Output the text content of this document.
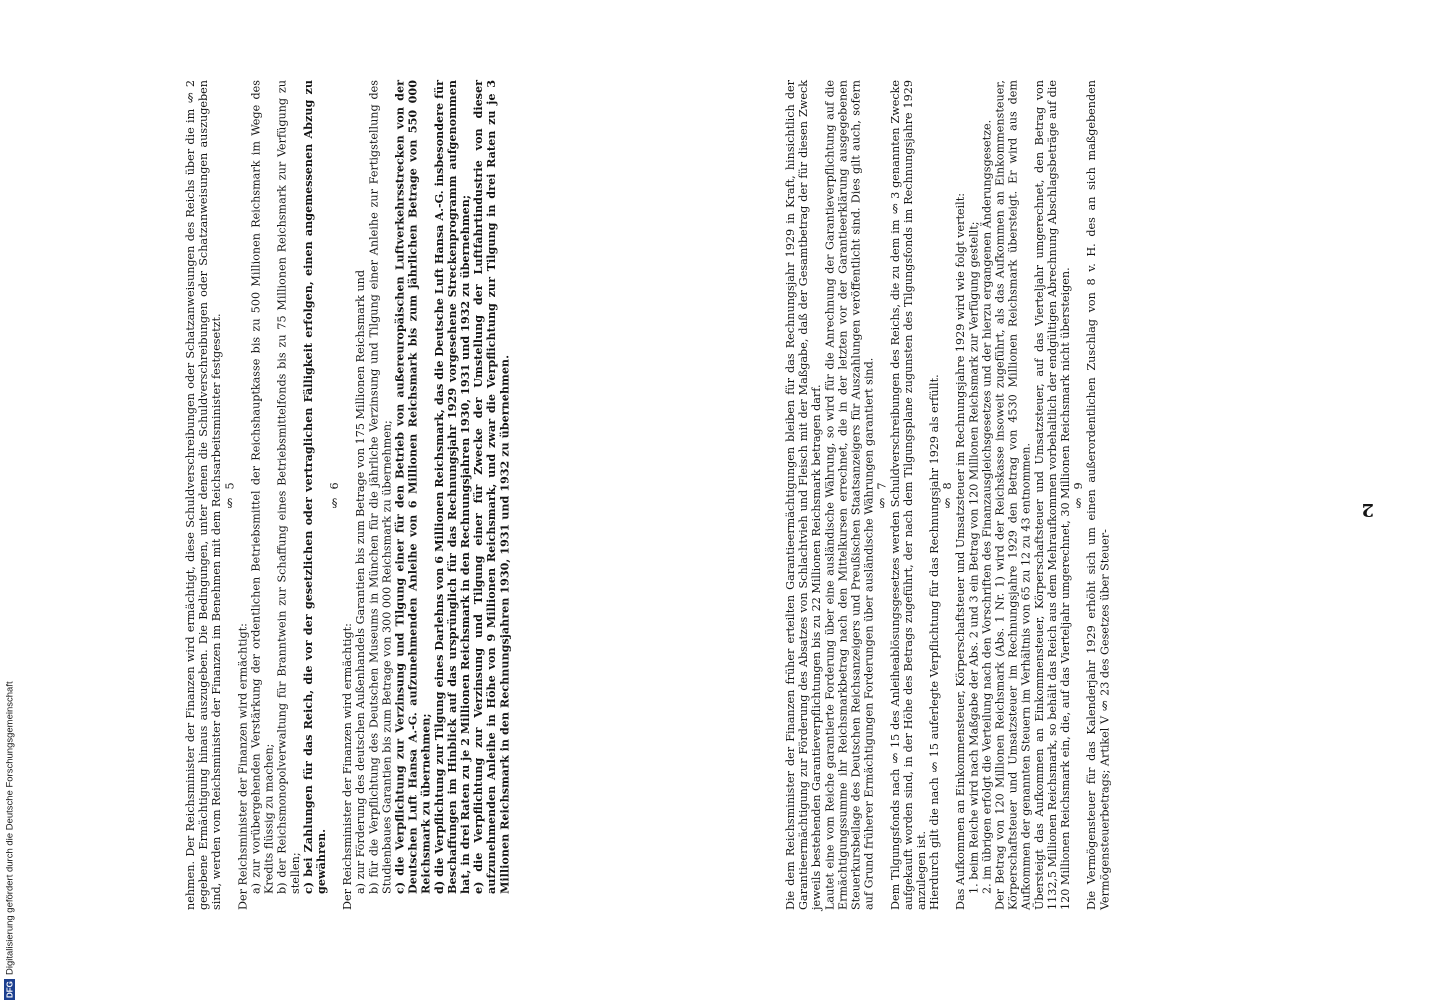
DFG
Digitalisierung gefördert durch die Deutsche Forschungsgemeinschaft
2

Die dem Reichsminister der Finanzen früher erteilten Garantieermächtigungen bleiben für das Rechnungsjahr 1929 in Kraft, hinsichtlich der Garantieermächtigung zur Förderung des Absatzes von Schlachtvieh und Fleisch mit der Maßgabe, daß der Gesamtbetrag der für diesen Zweck jeweils bestehenden Garantieverpflichtungen bis zu 22 Millionen Reichsmark betragen darf. Lautet eine vom Reiche garantierte Forderung über eine ausländische Währung, so wird für die Anrechnung der Garantieverpflichtung auf die Ermächtigungssumme ihr Reichsmarkbetrag nach den Mittelkursen errechnet, die in der letzten vor der Garantieerklärung ausgegebenen Steuerkursbeilage des Deutschen Reichsanzeigers und Preußischen Staatsanzeigers für Auszahlungen veröffentlicht sind. Dies gilt auch, sofern auf Grund früherer Ermächtigungen Forderungen über ausländische Währungen garantiert sind. § 7 Dem Tilgungsfonds nach § 15 des Anleiheablösungsgesetzes werden Schuldverschreibungen des Reichs, die zu dem im § 3 genannten Zwecke aufgekauft worden sind, in der Höhe des Betrags zugeführt, der nach dem Tilgungsplane zugunsten des Tilgungsfonds im Rechnungsjahre 1929 anzulegen ist. Hierdurch gilt die nach § 15 auferlegte Verpflichtung für das Rechnungsjahr 1929 als erfüllt. § 8 Das Aufkommen an Einkommensteuer, Körperschaftsteuer und Umsatzsteuer im Rechnungsjahre 1929 wird wie folgt verteilt: 1. beim Reiche wird nach Maßgabe der Abs. 2 und 3 ein Betrag von 120 Millionen Reichsmark zur Verfügung gestellt; 2. im übrigen erfolgt die Verteilung nach den Vorschriften des Finanzausgleichsgesetzes und der hierzu ergangenen Änderungsgesetze. Der Betrag von 120 Millionen Reichsmark (Abs. 1 Nr. 1) wird der Reichskasse insoweit zugeführt, als das Aufkommen an Einkommensteuer, Körperschaftsteuer und Umsatzsteuer im Rechnungsjahre 1929 den Betrag von 4530 Millionen Reichsmark übersteigt. Er wird aus dem Aufkommen der genannten Steuern im Verhältnis von 65 zu 12 zu 43 entnommen. Übersteigt das Aufkommen an Einkommensteuer, Körperschaftsteuer und Umsatzsteuer, auf das Vierteljahr umgerechnet, den Betrag von 1132,5 Millionen Reichsmark, so behält das Reich aus dem Mehraufkommen vorbehaltlich der endgültigen Abrechnung Abschlagsbeträge auf die 120 Millionen Reichsmark ein, die, auf das Vierteljahr umgerechnet, 30 Millionen Reichsmark nicht übersteigen. § 9 Die Vermögensteuer für das Kalenderjahr 1929 erhöht sich um einen außerordentlichen Zuschlag von 8 v. H. des an sich maßgebenden Vermögensteuerbetrags; Artikel V § 23 des Gesetzes über Steuer-

nehmen. Der Reichsminister der Finanzen wird ermächtigt, diese Schuldverschreibungen oder Schatzanweisungen des Reichs über die im § 2 gegebene Ermächtigung hinaus auszugeben. Die Bedingungen, unter denen die Schuldverschreibungen oder Schatzanweisungen auszugeben sind, werden vom Reichsminister der Finanzen im Benehmen mit dem Reichsarbeitsminister festgesetzt. § 5

Der Reichsminister der Finanzen wird ermächtigt: a) zur vorübergehenden Verstärkung der ordentlichen Betriebsmittel der Reichshauptkasse bis zu 500 Millionen Reichsmark im Wege des Kredits flüssig zu machen; b) der Reichsmonopolverwaltung für Branntwein zur Schaffung eines Betriebsmittelfonds bis zu 75 Millionen Reichsmark zur Verfügung zu stellen; c) bei Zahlungen für das Reich, die vor der gesetzlichen oder vertraglichen Fälligkeit erfolgen, einen angemessenen Abzug zu gewähren.

§ 6

Der Reichsminister der Finanzen wird ermächtigt: a) zur Förderung des deutschen Außenhandels Garantien bis zum Betrage von 175 Millionen Reichsmark und b) für die Verpflichtung des Deutschen Museums in München für die jährliche Verzinsung und Tilgung einer Anleihe zur Fertigstellung des Studienbaues Garantien bis zum Betrage von 300 000 Reichsmark zu übernehmen; c) die Verpflichtung zur Verzinsung und Tilgung einer für den Betrieb von außereuropäischen Luftverkehrsstrecken von der Deutschen Luft Hansa A.-G. aufzunehmenden Anleihe von 6 Millionen Reichsmark bis zum jährlichen Betrage von 550 000 Reichsmark zu übernehmen; d) die Verpflichtung zur Tilgung eines Darlehns von 6 Millionen Reichsmark, das die Deutsche Luft Hansa A.-G. insbesondere für Beschaffungen im Hinblick auf das ursprünglich für das Rechnungsjahr 1929 vorgesehene Streckenprogramm aufgenommen hat, in drei Raten zu je 2 Millionen Reichsmark in den Rechnungsjahren 1930, 1931 und 1932 zu übernehmen; e) die Verpflichtung zur Verzinsung und Tilgung einer für Zwecke der Umstellung der Luftfahrtindustrie von dieser aufzunehmenden Anleihe in Höhe von 9 Millionen Reichsmark, und zwar die Verpflichtung zur Tilgung in drei Raten zu je 3 Millionen Reichsmark in den Rechnungsjahren 1930, 1931 und 1932 zu übernehmen.
